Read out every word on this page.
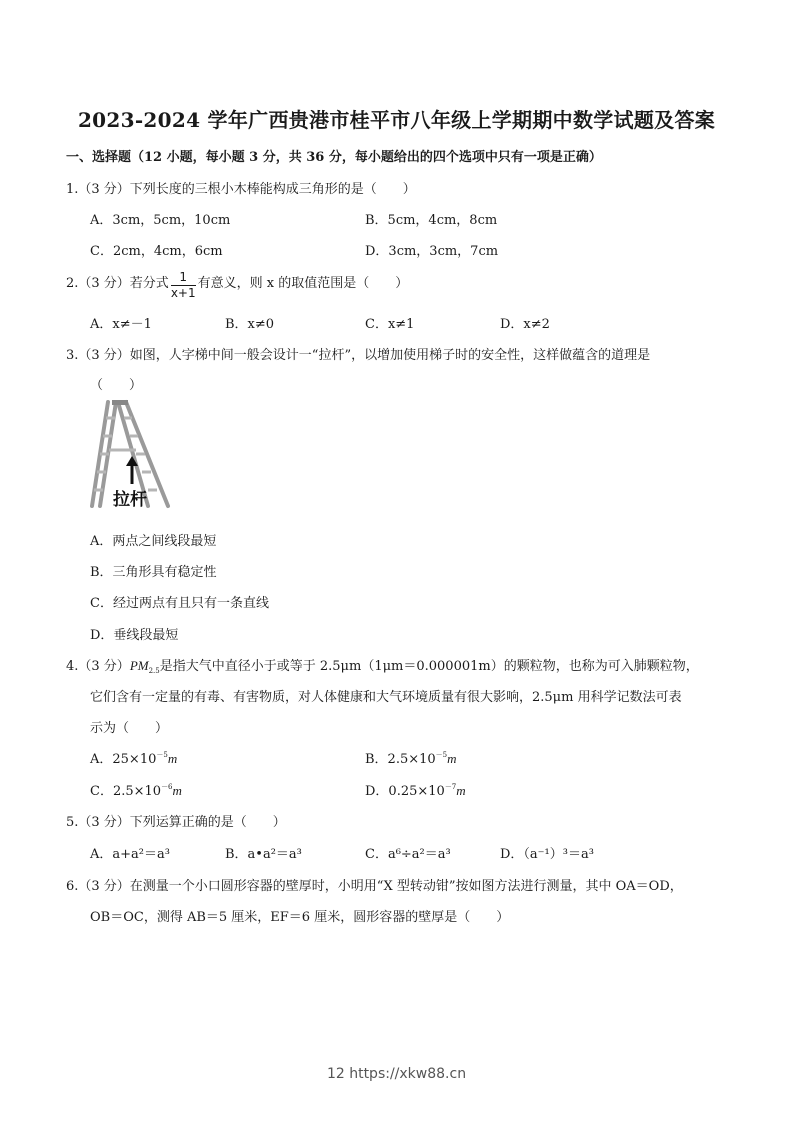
2023-2024 学年广西贵港市桂平市八年级上学期期中数学试题及答案
一、选择题（12 小题，每小题 3 分，共 36 分，每小题给出的四个选项中只有一项是正确）
1.（3 分）下列长度的三根小木棒能构成三角形的是（　　）
A．3cm，5cm，10cm	B．5cm，4cm，8cm
C．2cm，4cm，6cm	D．3cm，3cm，7cm
2.（3 分）若分式 $\frac{1}{x+1}$ 有意义，则 x 的取值范围是（　　）
A．x≠－1	B．x≠0	C．x≠1	D．x≠2
3.（3 分）如图，人字梯中间一般会设计一“拉杆”，以增加使用梯子时的安全性，这样做蕴含的道理是
（　　）
拉杆
A．两点之间线段最短
B．三角形具有稳定性
C．经过两点有且只有一条直线
D．垂线段最短
4.（3 分）$PM_{2.5}$是指大气中直径小于或等于 2.5μm（1μm＝0.000001m）的颗粒物，也称为可入肺颗粒物，
它们含有一定量的有毒、有害物质，对人体健康和大气环境质量有很大影响，2.5μm 用科学记数法可表
示为（　　）
A．$25\times 10^{-5}m$	B．$2.5\times 10^{-5}m$
C．$2.5\times 10^{-6}m$	D．$0.25\times 10^{-7}m$
5.（3 分）下列运算正确的是（　　）
A．a+a²＝a³	B．a•a²＝a³	C．a⁶÷a²＝a³	D．（a⁻¹）³＝a³
6.（3 分）在测量一个小口圆形容器的壁厚时，小明用“X 型转动钳”按如图方法进行测量，其中 OA＝OD，
OB＝OC，测得 AB＝5 厘米，EF＝6 厘米，圆形容器的壁厚是（　　）
12 https://xkw88.cn
